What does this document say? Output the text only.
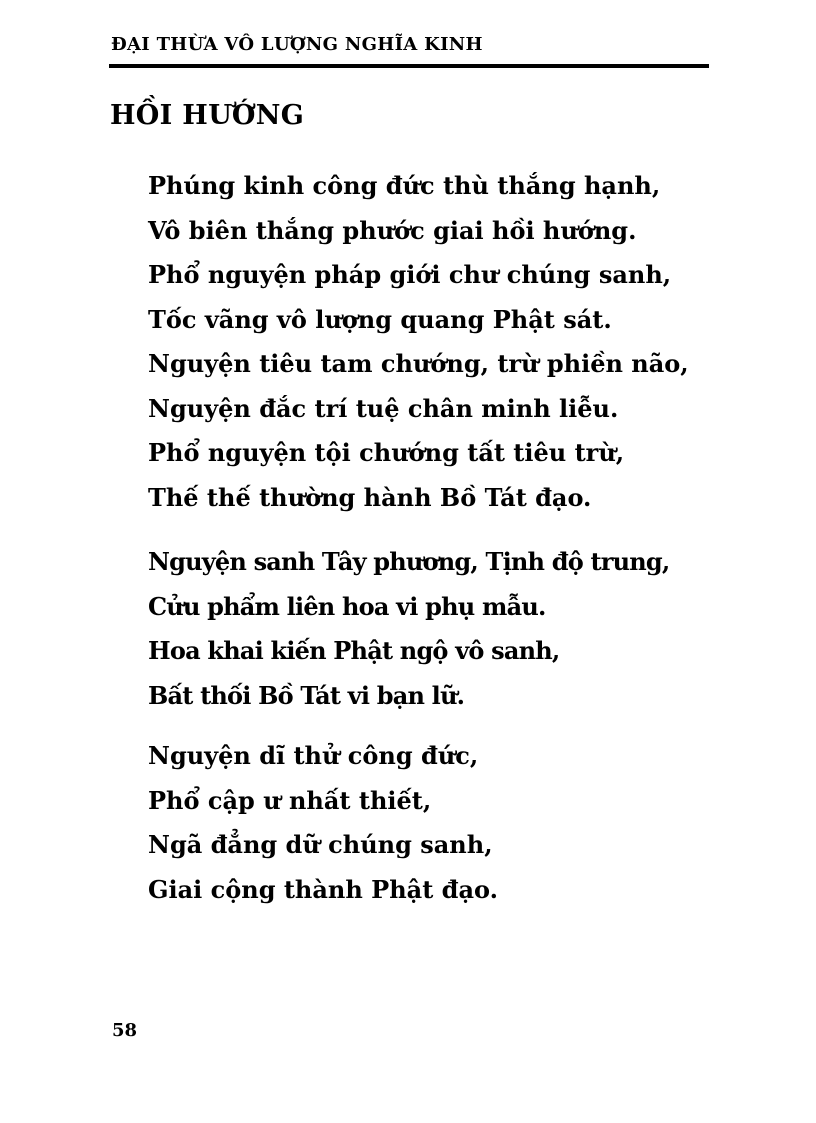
ĐẠI THỪA VÔ LƯỢNG NGHĨA KINH
HỒI HƯỚNG
Phúng kinh công đức thù thắng hạnh,
Vô biên thắng phước giai hồi hướng.
Phổ nguyện pháp giới chư chúng sanh,
Tốc vãng vô lượng quang Phật sát.
Nguyện tiêu tam chướng, trừ phiền não,
Nguyện đắc trí tuệ chân minh liễu.
Phổ nguyện tội chướng tất tiêu trừ,
Thế thế thường hành Bồ Tát đạo.
Nguyện sanh Tây phương, Tịnh độ trung,
Cửu phẩm liên hoa vi phụ mẫu.
Hoa khai kiến Phật ngộ vô sanh,
Bất thối Bồ Tát vi bạn lữ.
Nguyện dĩ thử công đức,
Phổ cập ư nhất thiết,
Ngã đẳng dữ chúng sanh,
Giai cộng thành Phật đạo.
58
